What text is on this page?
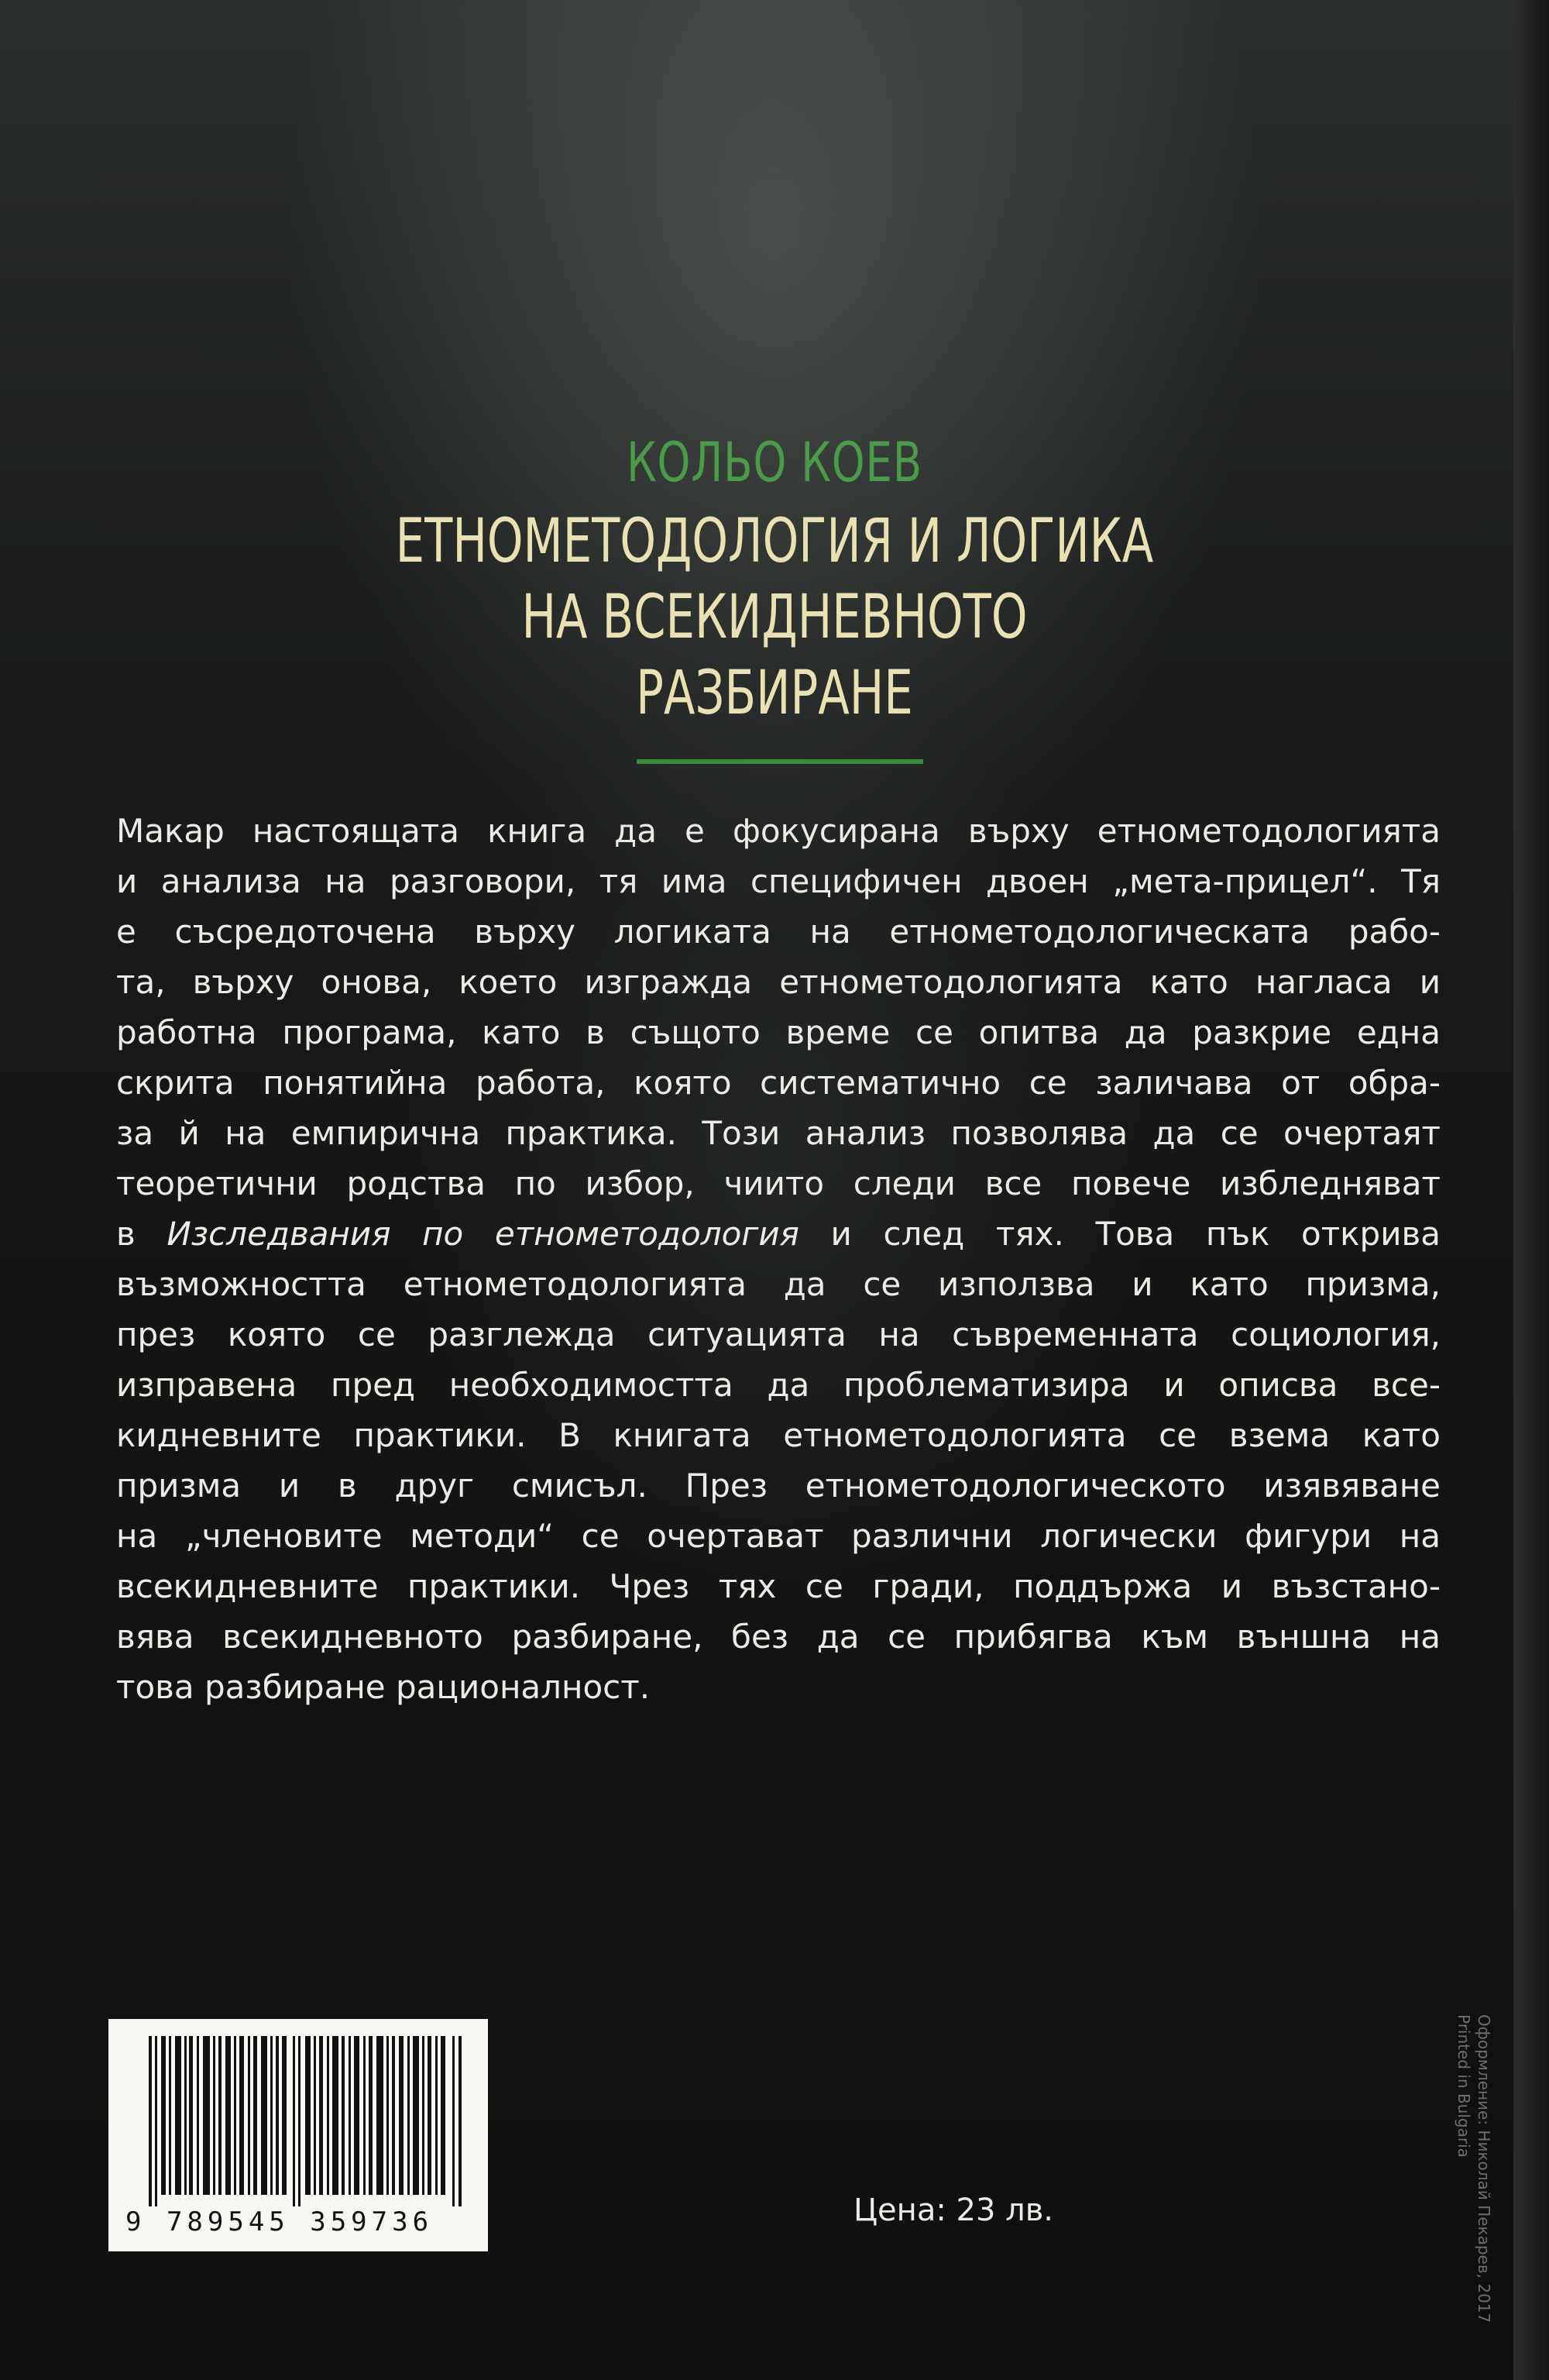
КОЛЬО КОЕВ
ЕТНОМЕТОДОЛОГИЯ И ЛОГИКА
НА ВСЕКИДНЕВНОТО
РАЗБИРАНЕ
Макар настоящата книга да е фокусирана върху етнометодологията
и анализа на разговори, тя има специфичен двоен „мета-прицел“. Тя
е съсредоточена върху логиката на етнометодологическата рабо-
та, върху онова, което изгражда етнометодологията като нагласа и
работна програма, като в същото време се опитва да разкрие една
скрита понятийна работа, която систематично се заличава от обра-
за й на емпирична практика. Този анализ позволява да се очертаят
теоретични родства по избор, чиито следи все повече избледняват
в Изследвания по етнометодология и след тях. Това пък открива
възможността етнометодологията да се използва и като призма,
през която се разглежда ситуацията на съвременната социология,
изправена пред необходимостта да проблематизира и описва все-
кидневните практики. В книгата етнометодологията се взема като
призма и в друг смисъл. През етнометодологическото изявяване
на „членовите методи“ се очертават различни логически фигури на
всекидневните практики. Чрез тях се гради, поддържа и възстано-
вява всекидневното разбиране, без да се прибягва към външна на
това разбиране рационалност.
9 789545 359736	Цена: 23 лв.	Оформление: Николай Пекарев, 2017
Printed in Bulgaria
